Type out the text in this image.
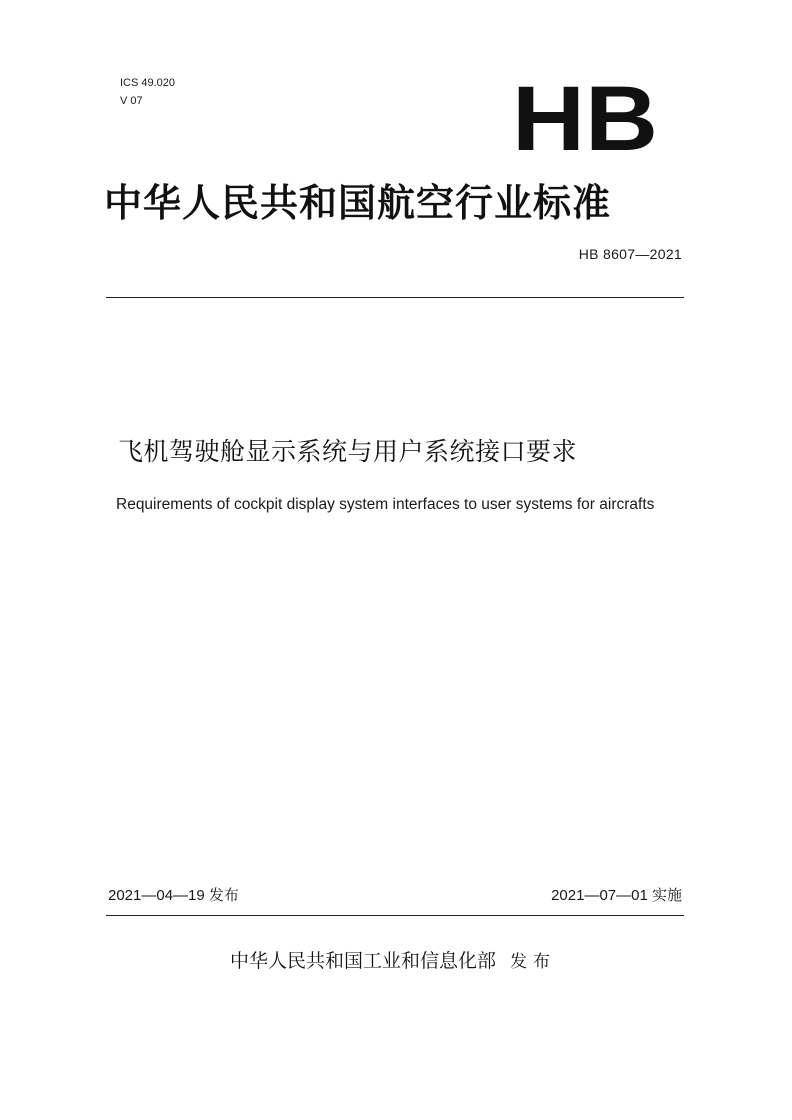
ICS 49.020
V 07	HB
中华人民共和国航空行业标准
HB 8607—2021
飞机驾驶舱显示系统与用户系统接口要求
Requirements of cockpit display system interfaces to user systems for aircrafts
2021—04—19 发布	2021—07—01 实施
中华人民共和国工业和信息化部 发布
